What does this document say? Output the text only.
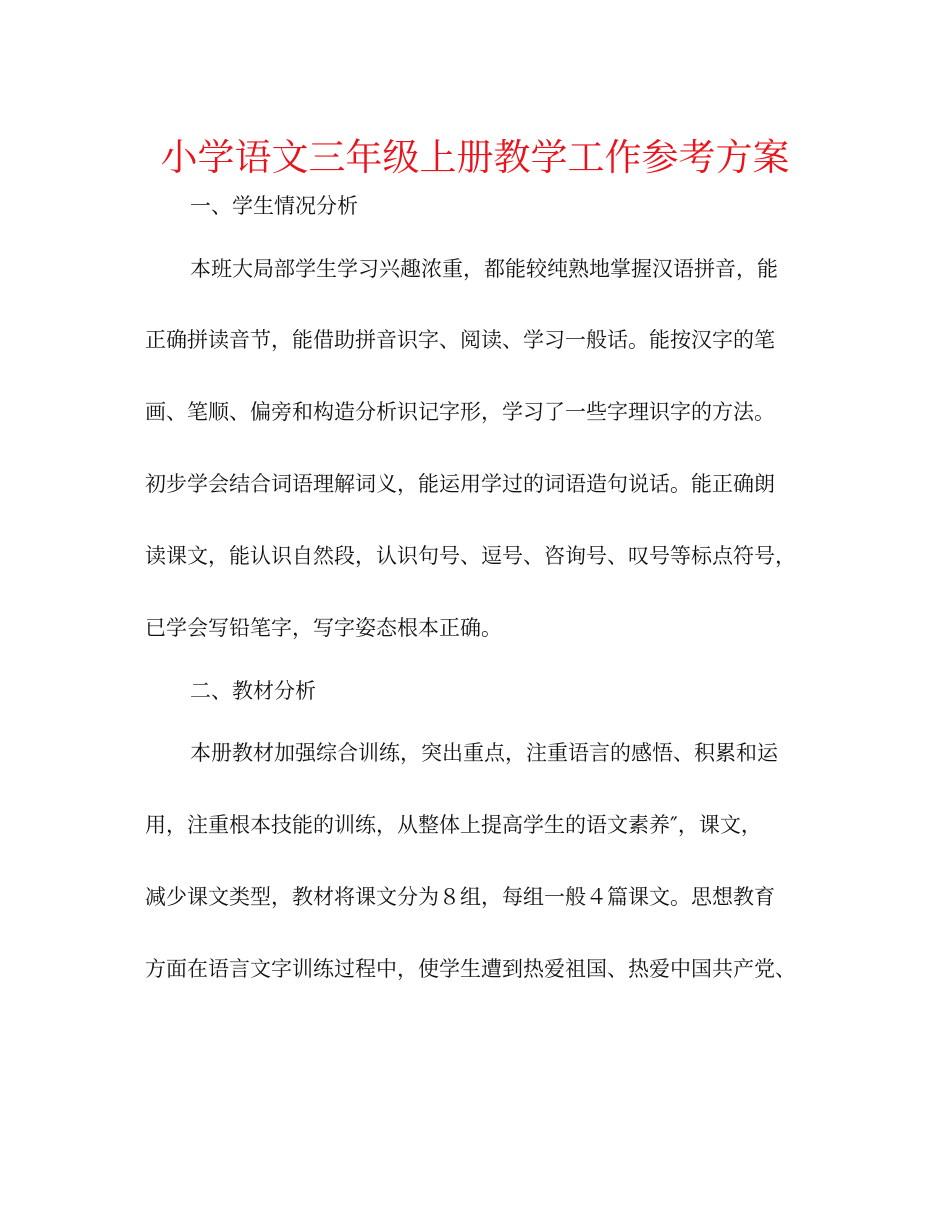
小学语文三年级上册教学工作参考方案

一、学生情况分析

本班大局部学生学习兴趣浓重，都能较纯熟地掌握汉语拼音，能

正确拼读音节，能借助拼音识字、阅读、学习一般话。能按汉字的笔

画、笔顺、偏旁和构造分析识记字形，学习了一些字理识字的方法。

初步学会结合词语理解词义，能运用学过的词语造句说话。能正确朗

读课文，能认识自然段，认识句号、逗号、咨询号、叹号等标点符号，

已学会写铅笔字，写字姿态根本正确。

二、教材分析

本册教材加强综合训练，突出重点，注重语言的感悟、积累和运

用，注重根本技能的训练，从整体上提高学生的语文素养″，课文，

减少课文类型，教材将课文分为８组，每组一般４篇课文。思想教育

方面在语言文字训练过程中，使学生遭到热爱祖国、热爱中国共产党、
